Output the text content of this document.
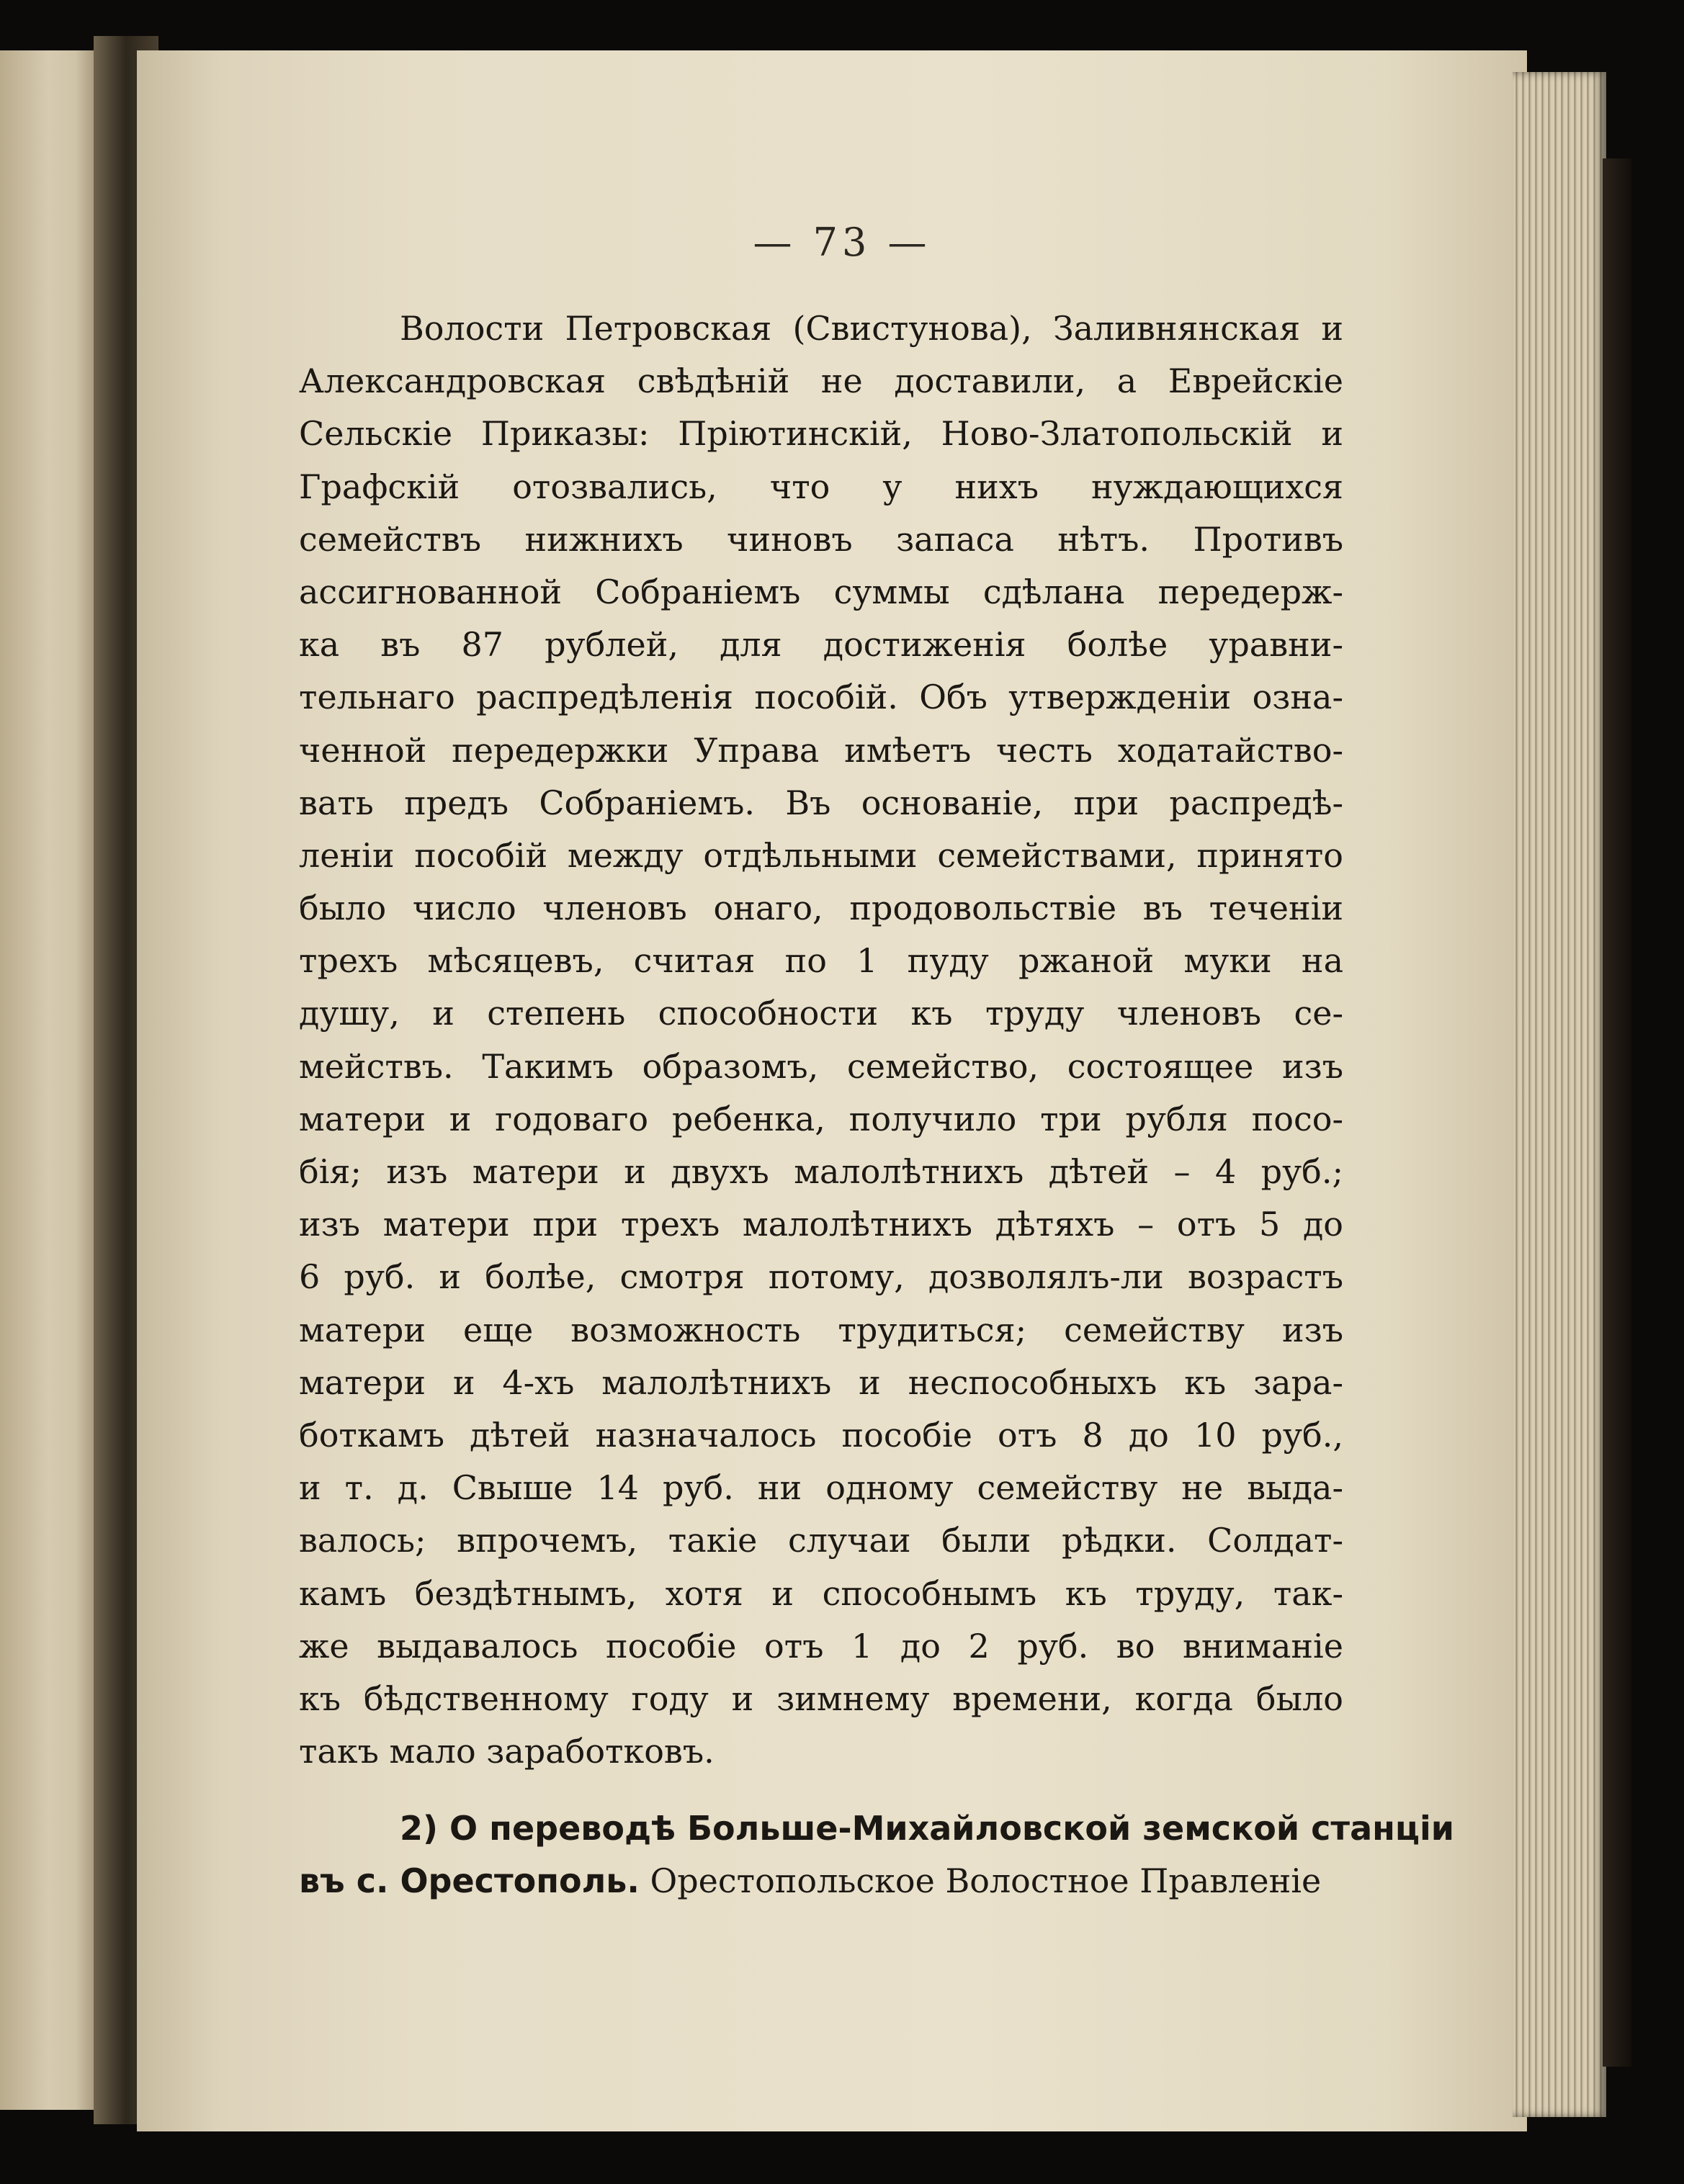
— 73 —
Волости Петровская (Свистунова), Заливнянская и
Александровская свѣдѣній не доставили, а Еврейскіе
Сельскіе Приказы: Пріютинскій, Ново-Златопольскій и
Графскій отозвались, что у нихъ нуждающихся
семействъ нижнихъ чиновъ запаса нѣтъ. Противъ
ассигнованной Собраніемъ суммы сдѣлана передерж-
ка въ 87 рублей, для достиженія болѣе уравни-
тельнаго распредѣленія пособій. Объ утвержденіи озна-
ченной передержки Управа имѣетъ честь ходатайство-
вать предъ Собраніемъ. Въ основаніе, при распредѣ-
леніи пособій между отдѣльными семействами, принято
было число членовъ онаго, продовольствіе въ теченіи
трехъ мѣсяцевъ, считая по 1 пуду ржаной муки на
душу, и степень способности къ труду членовъ се-
мействъ. Такимъ образомъ, семейство, состоящее изъ
матери и годоваго ребенка, получило три рубля посо-
бія; изъ матери и двухъ малолѣтнихъ дѣтей – 4 руб.;
изъ матери при трехъ малолѣтнихъ дѣтяхъ – отъ 5 до
6 руб. и болѣе, смотря потому, дозволялъ-ли возрастъ
матери еще возможность трудиться; семейству изъ
матери и 4-хъ малолѣтнихъ и неспособныхъ къ зара-
боткамъ дѣтей назначалось пособіе отъ 8 до 10 руб.,
и т. д. Свыше 14 руб. ни одному семейству не выда-
валось; впрочемъ, такіе случаи были рѣдки. Солдат-
камъ бездѣтнымъ, хотя и способнымъ къ труду, так-
же выдавалось пособіе отъ 1 до 2 руб. во вниманіе
къ бѣдственному году и зимнему времени, когда было
такъ мало заработковъ.
2) О переводѣ Больше-Михайловской земской станціи
въ с. Орестополь. Орестопольское Волостное Правленіе
